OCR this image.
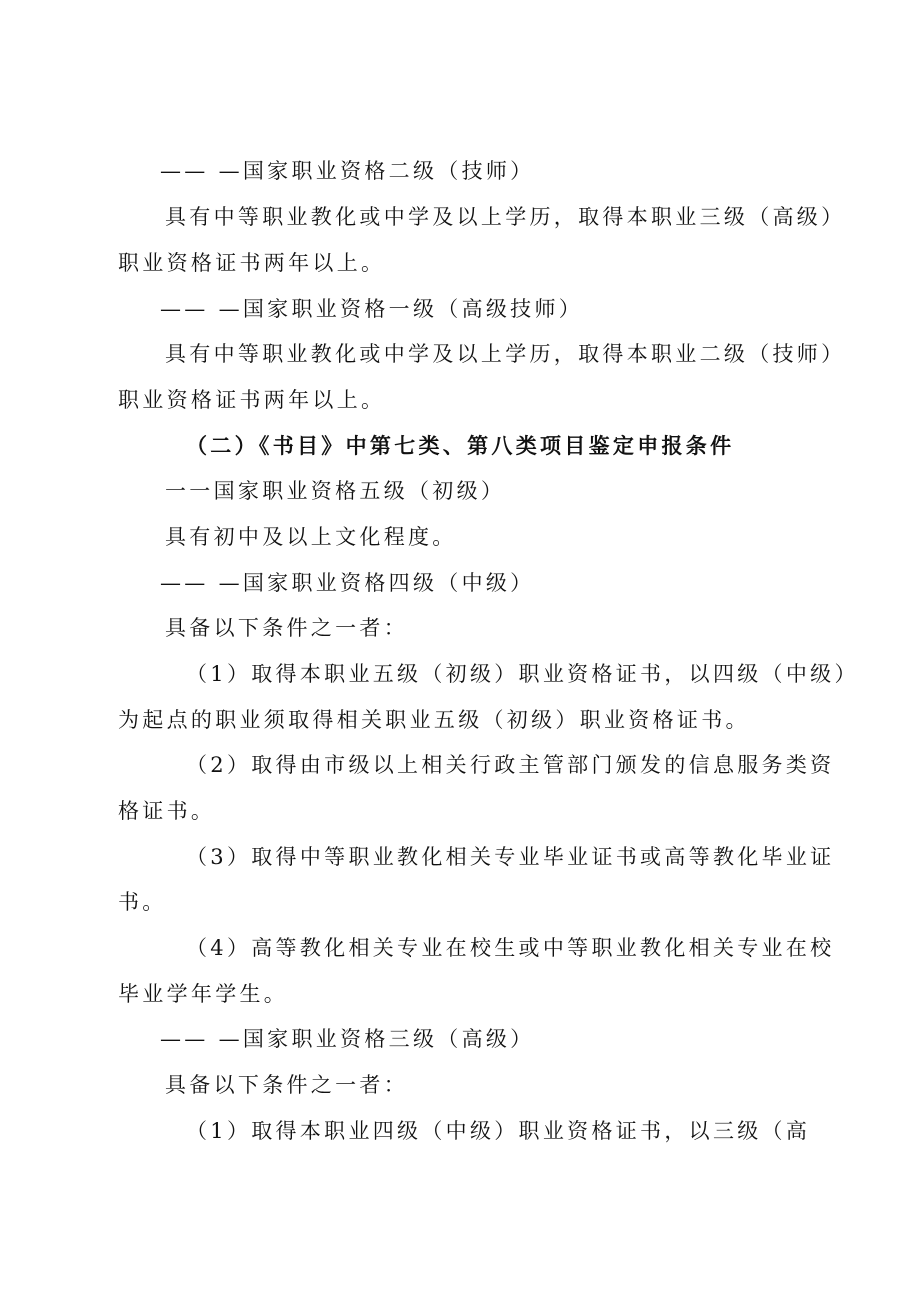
—— —国家职业资格二级（技师）
具有中等职业教化或中学及以上学历，取得本职业三级（高级）
职业资格证书两年以上。
—— —国家职业资格一级（高级技师）
具有中等职业教化或中学及以上学历，取得本职业二级（技师）
职业资格证书两年以上。
（二）《书目》中第七类、第八类项目鉴定申报条件
一一国家职业资格五级（初级）
具有初中及以上文化程度。
—— —国家职业资格四级（中级）
具备以下条件之一者：
（1）取得本职业五级（初级）职业资格证书，以四级（中级）
为起点的职业须取得相关职业五级（初级）职业资格证书。
（2）取得由市级以上相关行政主管部门颁发的信息服务类资
格证书。
（3）取得中等职业教化相关专业毕业证书或高等教化毕业证
书。
（4）高等教化相关专业在校生或中等职业教化相关专业在校
毕业学年学生。
—— —国家职业资格三级（高级）
具备以下条件之一者：
（1）取得本职业四级（中级）职业资格证书，以三级（高
